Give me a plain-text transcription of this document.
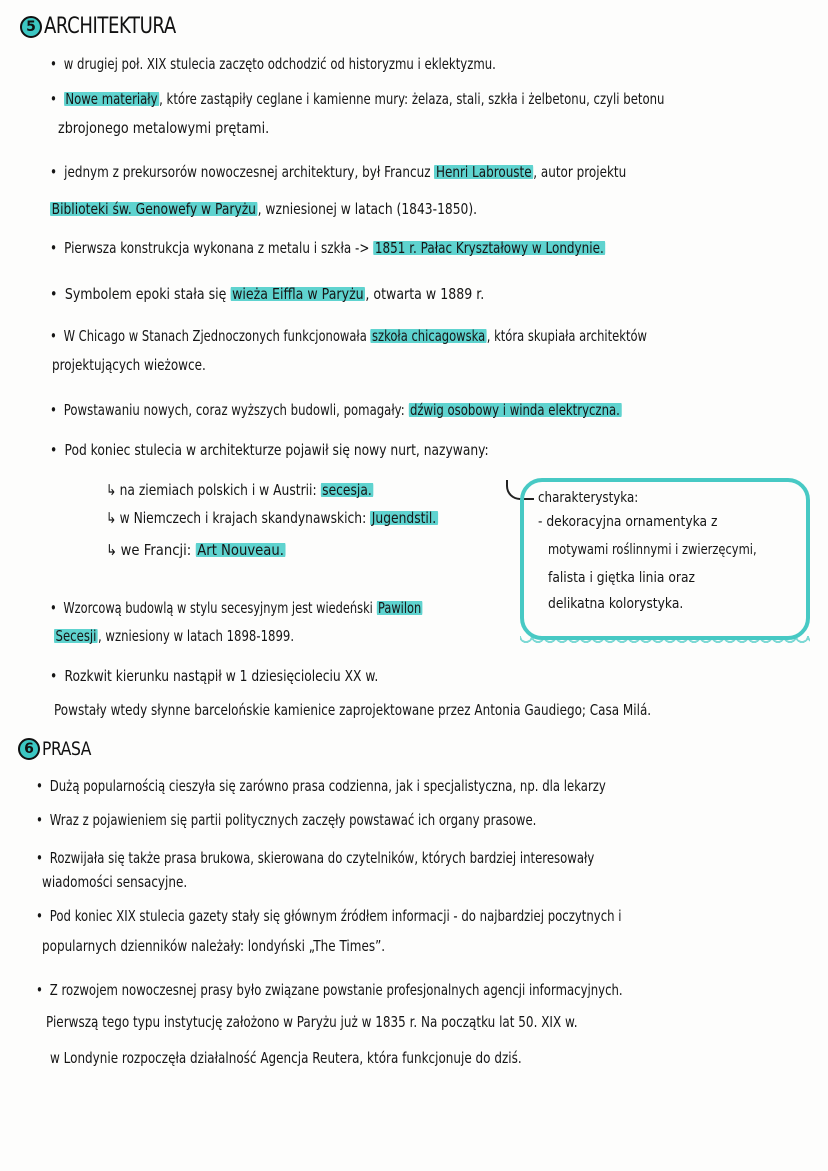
5 ARCHITEKTURA
• w drugiej poł. XIX stulecia zaczęto odchodzić od historyzmu i eklektyzmu.
• Nowe materiały , które zastąpiły ceglane i kamienne mury: żelaza, stali, szkła i żelbetonu, czyli betonu
zbrojonego metalowymi prętami.
• jednym z prekursorów nowoczesnej architektury, był Francuz Henri Labrouste , autor projektu
Biblioteki św. Genowefy w Paryżu , wzniesionej w latach (1843-1850).
• Pierwsza konstrukcja wykonana z metalu i szkła -> 1851 r. Pałac Kryształowy w Londynie.
• Symbolem epoki stała się wieża Eiffla w Paryżu , otwarta w 1889 r.
• W Chicago w Stanach Zjednoczonych funkcjonowała szkoła chicagowska , która skupiała architektów
projektujących wieżowce.
• Powstawaniu nowych, coraz wyższych budowli, pomagały: dźwig osobowy i winda elektryczna.
• Pod koniec stulecia w architekturze pojawił się nowy nurt, nazywany:
↳ na ziemiach polskich i w Austrii: secesja.
↳ w Niemczech i krajach skandynawskich: Jugendstil.
↳ we Francji: Art Nouveau.
charakterystyka:
- dekoracyjna ornamentyka z
motywami roślinnymi i zwierzęcymi,
falista i giętka linia oraz
delikatna kolorystyka.
• Wzorcową budowlą w stylu secesyjnym jest wiedeński Pawilon
Secesji , wzniesiony w latach 1898-1899.
• Rozkwit kierunku nastąpił w 1 dziesięcioleciu XX w.
Powstały wtedy słynne barcelońskie kamienice zaprojektowane przez Antonia Gaudiego; Casa Milá.
6 PRASA
• Dużą popularnością cieszyła się zarówno prasa codzienna, jak i specjalistyczna, np. dla lekarzy
• Wraz z pojawieniem się partii politycznych zaczęły powstawać ich organy prasowe.
• Rozwijała się także prasa brukowa, skierowana do czytelników, których bardziej interesowały
wiadomości sensacyjne.
• Pod koniec XIX stulecia gazety stały się głównym źródłem informacji - do najbardziej poczytnych i
popularnych dzienników należały: londyński „The Times”.
• Z rozwojem nowoczesnej prasy było związane powstanie profesjonalnych agencji informacyjnych.
Pierwszą tego typu instytucję założono w Paryżu już w 1835 r. Na początku lat 50. XIX w.
w Londynie rozpoczęła działalność Agencja Reutera, która funkcjonuje do dziś.
